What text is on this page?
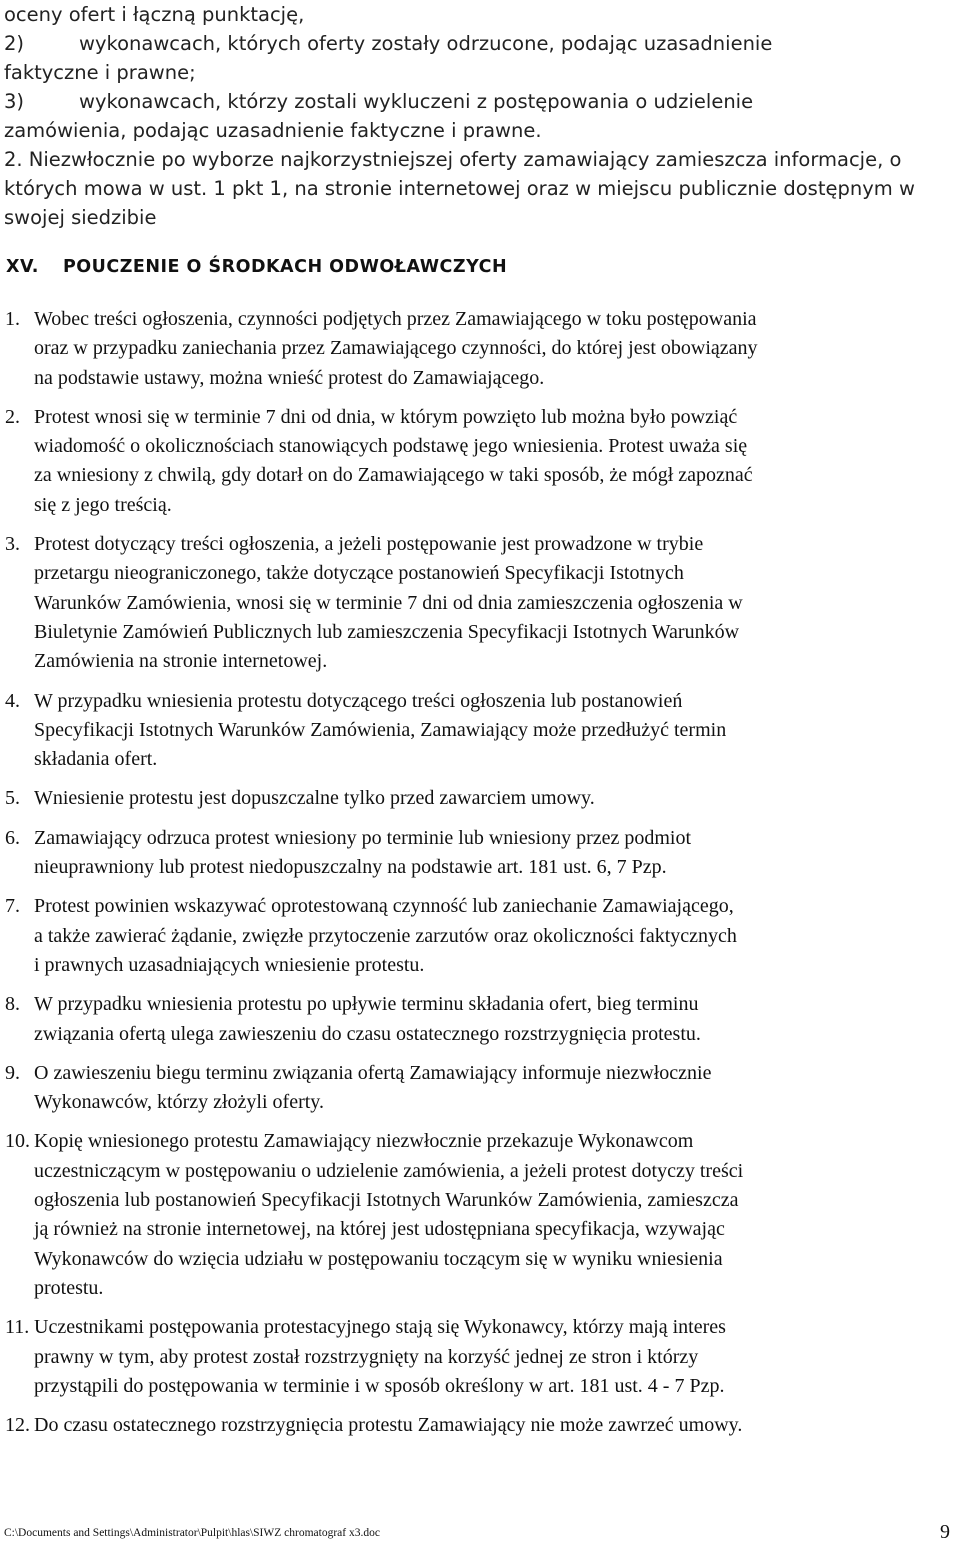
oceny ofert i łączną punktację,
2)	wykonawcach, których oferty zostały odrzucone, podając uzasadnienie
faktyczne i prawne;
3)	wykonawcach, którzy zostali wykluczeni z postępowania o udzielenie
zamówienia, podając uzasadnienie faktyczne i prawne.
2. Niezwłocznie po wyborze najkorzystniejszej oferty zamawiający zamieszcza informacje, o
których mowa w ust. 1 pkt 1, na stronie internetowej oraz w miejscu publicznie dostępnym w
swojej siedzibie
XV. POUCZENIE O ŚRODKACH ODWOŁAWCZYCH
1. Wobec treści ogłoszenia, czynności podjętych przez Zamawiającego w toku postępowania
oraz w przypadku zaniechania przez Zamawiającego czynności, do której jest obowiązany
na podstawie ustawy, można wnieść protest do Zamawiającego.
2. Protest wnosi się w terminie 7 dni od dnia, w którym powzięto lub można było powziąć
wiadomość o okolicznościach stanowiących podstawę jego wniesienia. Protest uważa się
za wniesiony z chwilą, gdy dotarł on do Zamawiającego w taki sposób, że mógł zapoznać
się z jego treścią.
3. Protest dotyczący treści ogłoszenia, a jeżeli postępowanie jest prowadzone w trybie
przetargu nieograniczonego, także dotyczące postanowień Specyfikacji Istotnych
Warunków Zamówienia, wnosi się w terminie 7 dni od dnia zamieszczenia ogłoszenia w
Biuletynie Zamówień Publicznych lub zamieszczenia Specyfikacji Istotnych Warunków
Zamówienia na stronie internetowej.
4. W przypadku wniesienia protestu dotyczącego treści ogłoszenia lub postanowień
Specyfikacji Istotnych Warunków Zamówienia, Zamawiający może przedłużyć termin
składania ofert.
5. Wniesienie protestu jest dopuszczalne tylko przed zawarciem umowy.
6. Zamawiający odrzuca protest wniesiony po terminie lub wniesiony przez podmiot
nieuprawniony lub protest niedopuszczalny na podstawie art. 181 ust. 6, 7 Pzp.
7. Protest powinien wskazywać oprotestowaną czynność lub zaniechanie Zamawiającego,
a także zawierać żądanie, zwięzłe przytoczenie zarzutów oraz okoliczności faktycznych
i prawnych uzasadniających wniesienie protestu.
8. W przypadku wniesienia protestu po upływie terminu składania ofert, bieg terminu
związania ofertą ulega zawieszeniu do czasu ostatecznego rozstrzygnięcia protestu.
9. O zawieszeniu biegu terminu związania ofertą Zamawiający informuje niezwłocznie
Wykonawców, którzy złożyli oferty.
10. Kopię wniesionego protestu Zamawiający niezwłocznie przekazuje Wykonawcom
uczestniczącym w postępowaniu o udzielenie zamówienia, a jeżeli protest dotyczy treści
ogłoszenia lub postanowień Specyfikacji Istotnych Warunków Zamówienia, zamieszcza
ją również na stronie internetowej, na której jest udostępniana specyfikacja, wzywając
Wykonawców do wzięcia udziału w postępowaniu toczącym się w wyniku wniesienia
protestu.
11. Uczestnikami postępowania protestacyjnego stają się Wykonawcy, którzy mają interes
prawny w tym, aby protest został rozstrzygnięty na korzyść jednej ze stron i którzy
przystąpili do postępowania w terminie i w sposób określony w art. 181 ust. 4 - 7 Pzp.
12. Do czasu ostatecznego rozstrzygnięcia protestu Zamawiający nie może zawrzeć umowy.
C:\Documents and Settings\Administrator\Pulpit\hlas\SIWZ chromatograf x3.doc	9
